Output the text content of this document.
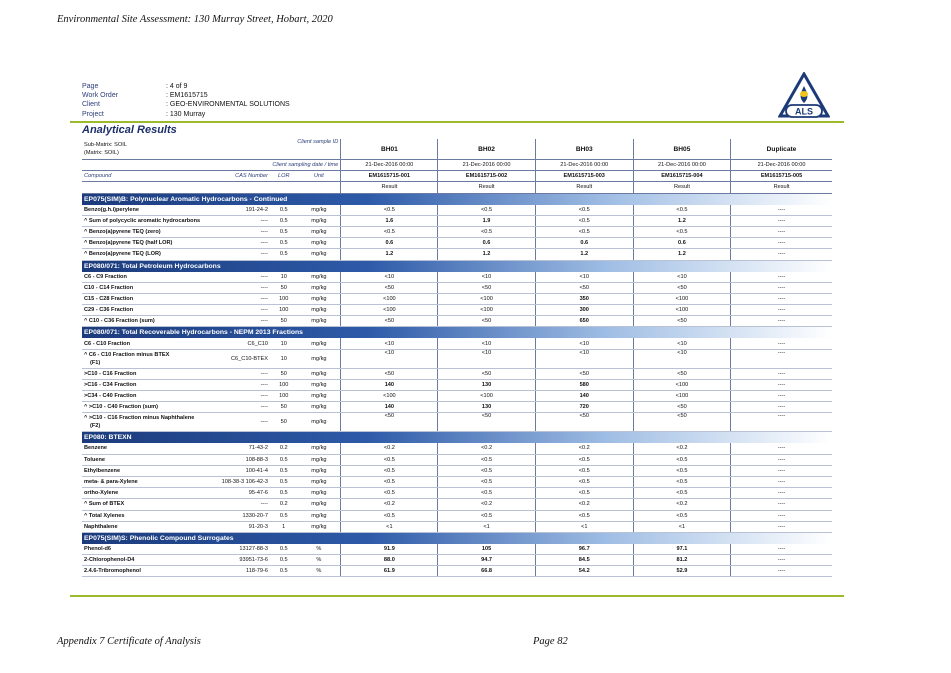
Environmental Site Assessment: 130 Murray Street, Hobart, 2020
Page	: 4 of 9
Work Order	: EM1615715
Client	: GEO-ENVIRONMENTAL SOLUTIONS
Project	: 130 Murray	ALS
Analytical Results
Sub-Matrix: SOIL
(Matrix: SOIL)		Client sample ID		BH01	BH02	BH03	BH05	Duplicate
Client sampling date / time				21-Dec-2016 00:00	21-Dec-2016 00:00	21-Dec-2016 00:00	21-Dec-2016 00:00	21-Dec-2016 00:00
Compound	CAS Number	LOR	Unit	EM1615715-001	EM1615715-002	EM1615715-003	EM1615715-004	EM1615715-005
				Result	Result	Result	Result	Result
EP075(SIM)B: Polynuclear Aromatic Hydrocarbons - Continued								
Benzo(g.h.i)perylene	191-24-2	0.5	mg/kg	<0.5	<0.5	<0.5	<0.5	----
^ Sum of polycyclic aromatic hydrocarbons	----	0.5	mg/kg	1.6	1.9	<0.5	1.2	----
^ Benzo(a)pyrene TEQ (zero)	----	0.5	mg/kg	<0.5	<0.5	<0.5	<0.5	----
^ Benzo(a)pyrene TEQ (half LOR)	----	0.5	mg/kg	0.6	0.6	0.6	0.6	----
^ Benzo(a)pyrene TEQ (LOR)	----	0.5	mg/kg	1.2	1.2	1.2	1.2	----
EP080/071: Total Petroleum Hydrocarbons								
C6 - C9 Fraction	----	10	mg/kg	<10	<10	<10	<10	----
C10 - C14 Fraction	----	50	mg/kg	<50	<50	<50	<50	----
C15 - C28 Fraction	----	100	mg/kg	<100	<100	350	<100	----
C29 - C36 Fraction	----	100	mg/kg	<100	<100	300	<100	----
^ C10 - C36 Fraction (sum)	----	50	mg/kg	<50	<50	650	<50	----
EP080/071: Total Recoverable Hydrocarbons - NEPM 2013 Fractions								
C6 - C10 Fraction	C6_C10	10	mg/kg	<10	<10	<10	<10	----
^ C6 - C10 Fraction minus BTEX
(F1)	C6_C10-BTEX	10	mg/kg	<10	<10	<10	<10	----
>C10 - C16 Fraction	----	50	mg/kg	<50	<50	<50	<50	----
>C16 - C34 Fraction	----	100	mg/kg	140	130	580	<100	----
>C34 - C40 Fraction	----	100	mg/kg	<100	<100	140	<100	----
^ >C10 - C40 Fraction (sum)	----	50	mg/kg	140	130	720	<50	----
^ >C10 - C16 Fraction minus Naphthalene
(F2)	----	50	mg/kg	<50	<50	<50	<50	----
EP080: BTEXN								
Benzene	71-43-2	0.2	mg/kg	<0.2	<0.2	<0.2	<0.2	----
Toluene	108-88-3	0.5	mg/kg	<0.5	<0.5	<0.5	<0.5	----
Ethylbenzene	100-41-4	0.5	mg/kg	<0.5	<0.5	<0.5	<0.5	----
meta- & para-Xylene	108-38-3 106-42-3	0.5	mg/kg	<0.5	<0.5	<0.5	<0.5	----
ortho-Xylene	95-47-6	0.5	mg/kg	<0.5	<0.5	<0.5	<0.5	----
^ Sum of BTEX	----	0.2	mg/kg	<0.2	<0.2	<0.2	<0.2	----
^ Total Xylenes	1330-20-7	0.5	mg/kg	<0.5	<0.5	<0.5	<0.5	----
Naphthalene	91-20-3	1	mg/kg	<1	<1	<1	<1	----
EP075(SIM)S: Phenolic Compound Surrogates								
Phenol-d6	13127-88-3	0.5	%	91.9	105	96.7	97.1	----
2-Chlorophenol-D4	93951-73-6	0.5	%	88.0	94.7	84.5	81.2	----
2.4.6-Tribromophenol	118-79-6	0.5	%	61.9	66.8	54.2	52.9	----
Appendix 7 Certificate of Analysis	Page 82
